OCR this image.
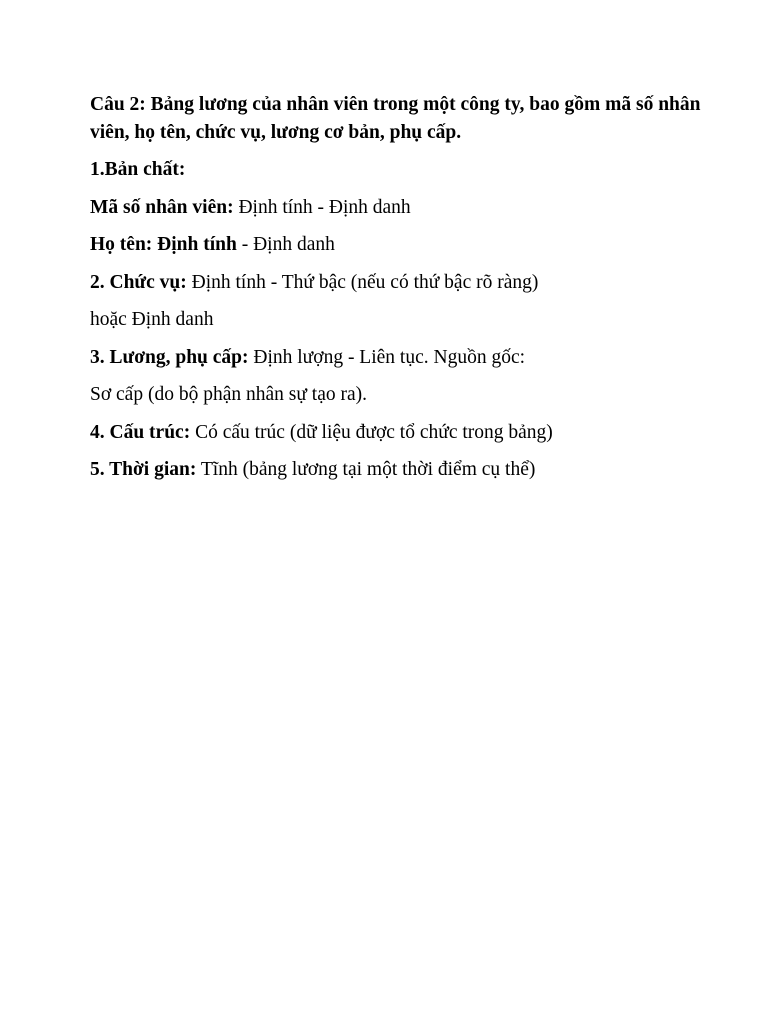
Câu 2: Bảng lương của nhân viên trong một công ty, bao gồm mã số nhân viên, họ tên, chức vụ, lương cơ bản, phụ cấp.

1.Bản chất:

Mã số nhân viên: Định tính - Định danh

Họ tên: Định tính - Định danh

2. Chức vụ: Định tính - Thứ bậc (nếu có thứ bậc rõ ràng)

hoặc Định danh

3. Lương, phụ cấp: Định lượng - Liên tục. Nguồn gốc:

Sơ cấp (do bộ phận nhân sự tạo ra).

4. Cấu trúc: Có cấu trúc (dữ liệu được tổ chức trong bảng)

5. Thời gian: Tĩnh (bảng lương tại một thời điểm cụ thể)
